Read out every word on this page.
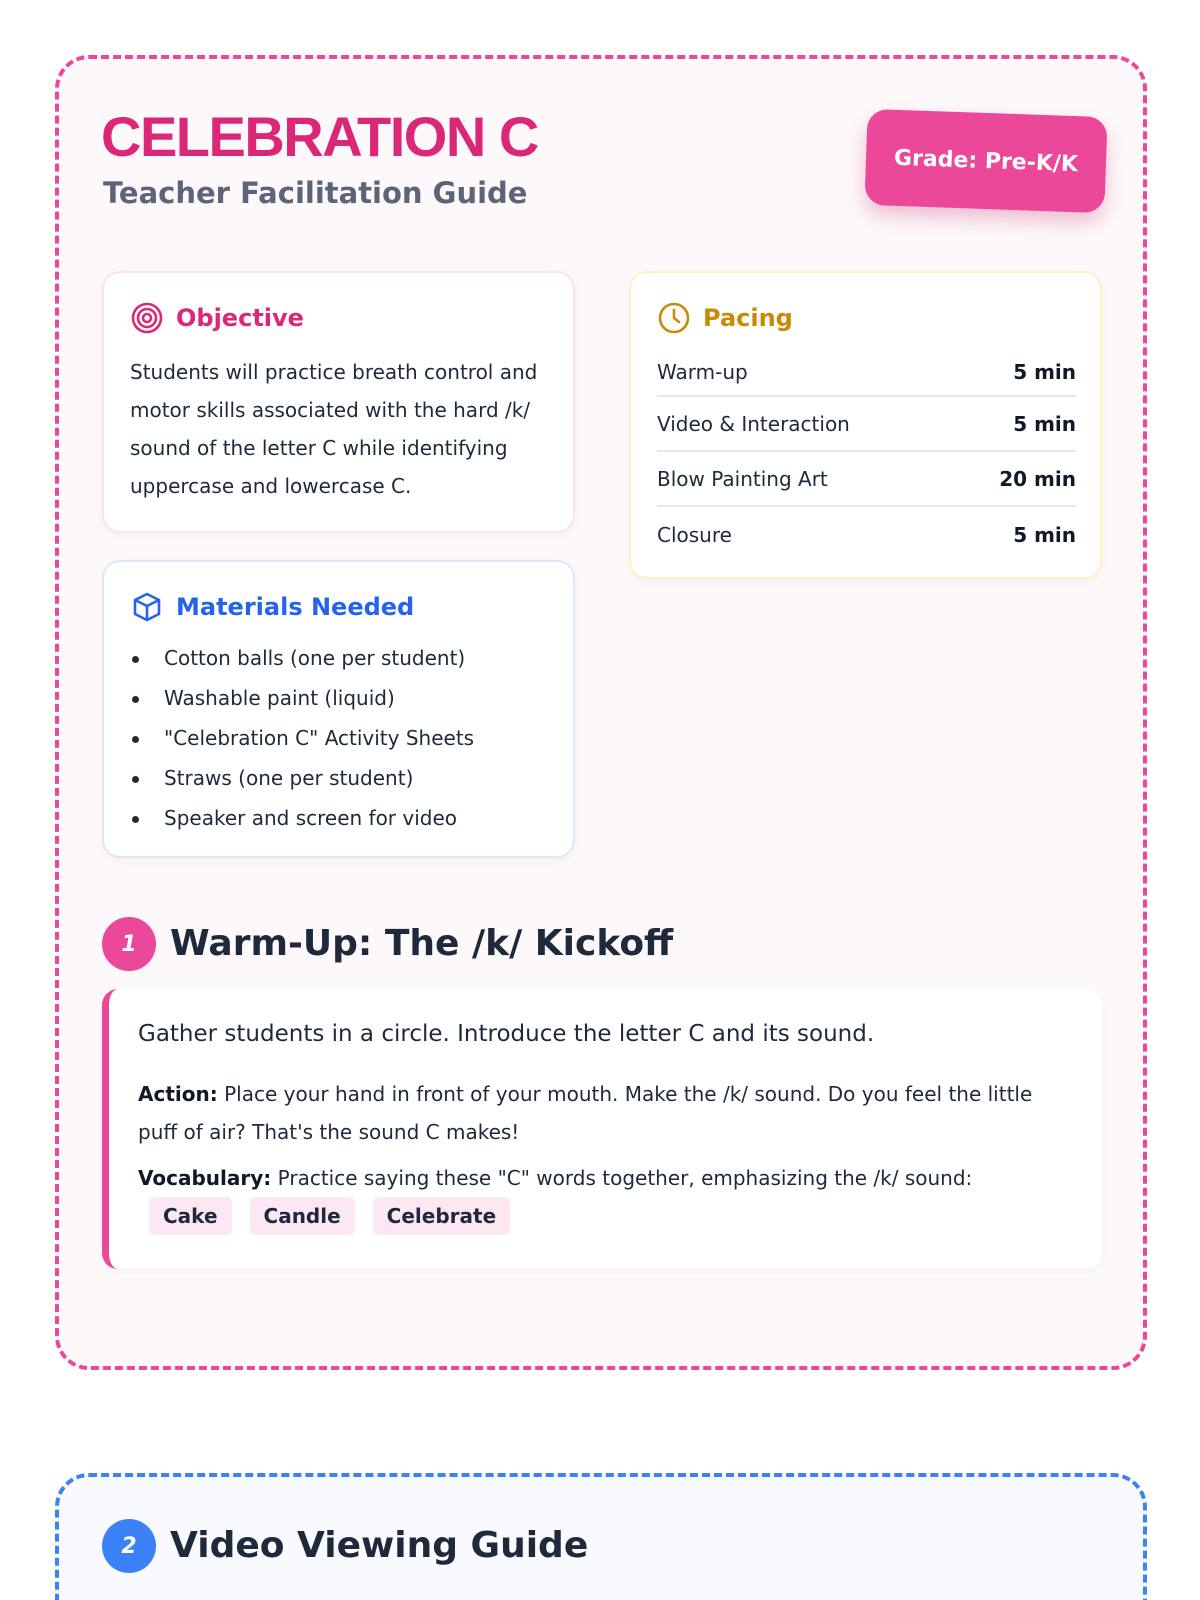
CELEBRATION C
Teacher Facilitation Guide
Grade: Pre-K/K
Objective

Students will practice breath control and motor skills associated with the hard /k/ sound of the letter C while identifying uppercase and lowercase C.

Materials Needed
Cotton balls (one per student)
Washable paint (liquid)
"Celebration C" Activity Sheets
Straws (one per student)
Speaker and screen for video
Pacing
Warm-up	5 min
Video & Interaction	5 min
Blow Painting Art	20 min
Closure	5 min
1 Warm-Up: The /k/ Kickoff

Gather students in a circle. Introduce the letter C and its sound.

Action: Place your hand in front of your mouth. Make the /k/ sound. Do you feel the little puff of air? That's the sound C makes!

Vocabulary: Practice saying these "C" words together, emphasizing the /k/ sound:

Cake	Candle	Celebrate
2 Video Viewing Guide
